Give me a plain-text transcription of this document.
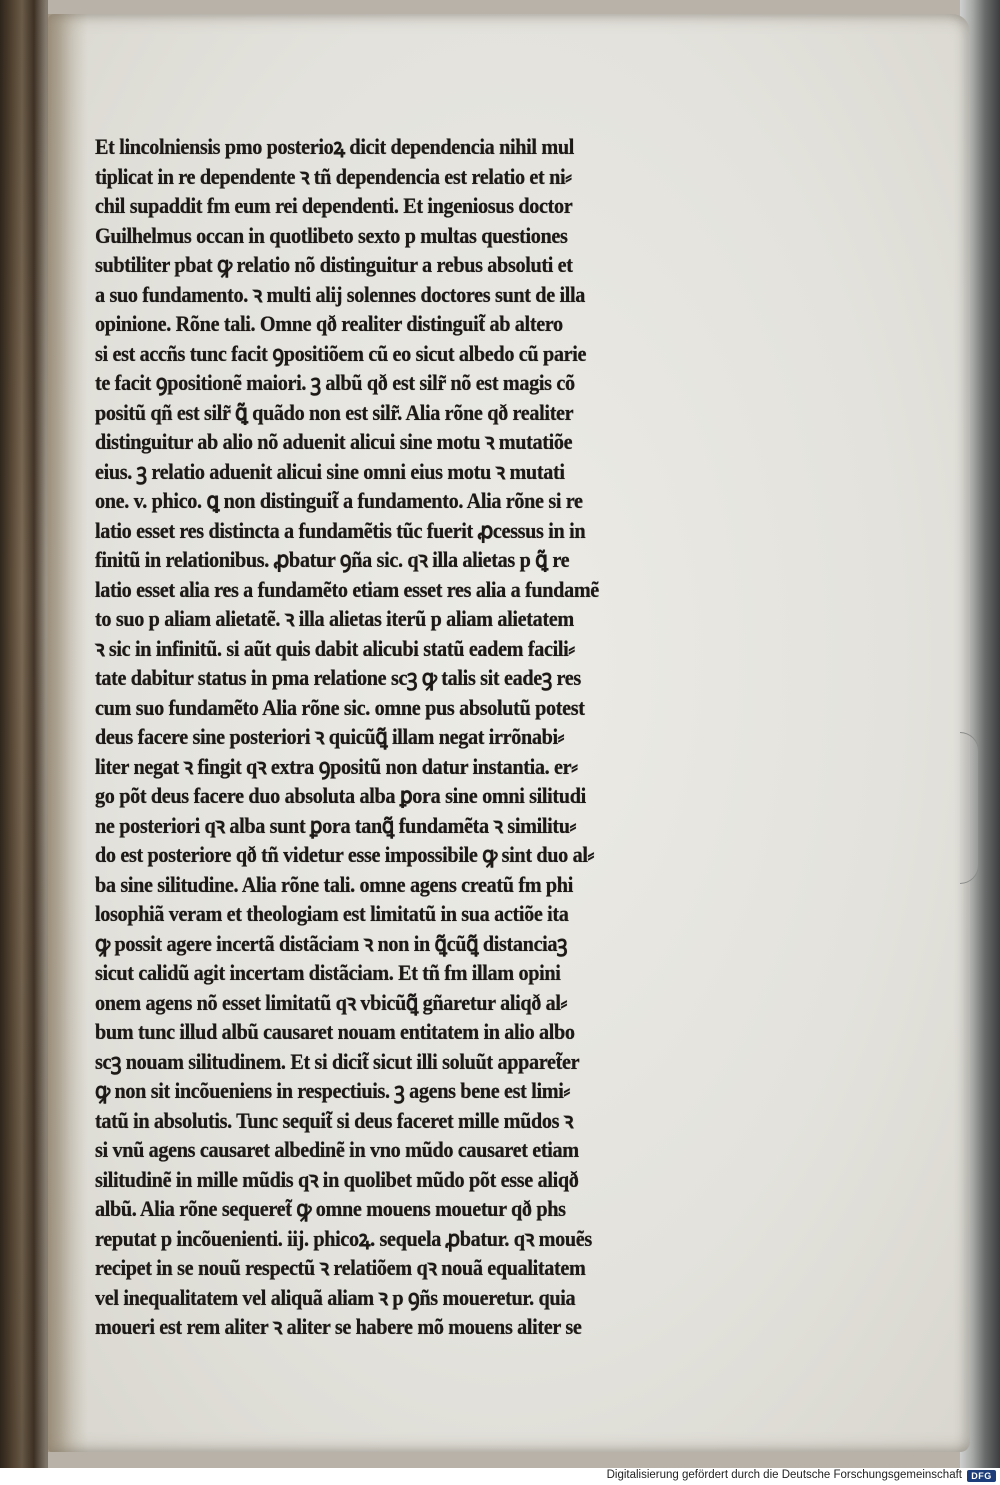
Et lincolniensis pmo posterioꝝ dicit dependencia nihil mul
tiplicat in re dependente ꝛ tñ dependencia est relatio et ni⸗
chil supaddit fm eum rei dependenti. Et ingeniosus doctor
Guilhelmus occan in quotlibeto sexto p multas questiones
subtiliter pbat ꝙ relatio nõ distinguitur a rebus absoluti et
a suo fundamento. ꝛ multi alij solennes doctores sunt de illa
opinione. Rõne tali. Omne qð realiter distinguit̃ ab altero
si est accñs tunc facit ꝯpositiõem cũ eo sicut albedo cũ parie
te facit ꝯpositionẽ maiori. ꝫ albũ qð est silr̃ nõ est magis cõ
positũ qñ est silr̃ ꝗ̃ quãdo non est silr̃. Alia rõne qð realiter
distinguitur ab alio nõ aduenit alicui sine motu ꝛ mutatiõe
eius. ꝫ relatio aduenit alicui sine omni eius motu ꝛ mutati
one. v. phico. ꝗ non distinguit̃ a fundamento. Alia rõne si re
latio esset res distincta a fundamẽtis tũc fuerit ꝓcessus in in
finitũ in relationibus. ꝓbatur ꝯña sic. qꝛ illa alietas p ꝗ̃ re
latio esset alia res a fundamẽto etiam esset res alia a fundamẽ
to suo p aliam alietatẽ. ꝛ illa alietas iterũ p aliam alietatem
ꝛ sic in infinitũ. si aũt quis dabit alicubi statũ eadem facili⸗
tate dabitur status in pma relatione scꝫ ꝙ talis sit eadeꝫ res
cum suo fundamẽto Alia rõne sic. omne pus absolutũ potest
deus facere sine posteriori ꝛ quicũꝗ̃ illam negat irrõnabi⸗
liter negat ꝛ fingit qꝛ extra ꝯpositũ non datur instantia. er⸗
go põt deus facere duo absoluta alba ꝑora sine omni silitudi
ne posteriori qꝛ alba sunt ꝑora tanꝗ̃ fundamẽta ꝛ similitu⸗
do est posteriore qð tñ videtur esse impossibile ꝙ sint duo al⸗
ba sine silitudine. Alia rõne tali. omne agens creatũ fm phi
losophiã veram et theologiam est limitatũ in sua actiõe ita
ꝙ possit agere incertã distãciam ꝛ non in ꝗ̃cũꝗ̃ distanciaꝫ
sicut calidũ agit incertam distãciam. Et tñ fm illam opini
onem agens nõ esset limitatũ qꝛ vbicũꝗ̃ gñaretur aliqð al⸗
bum tunc illud albũ causaret nouam entitatem in alio albo
scꝫ nouam silitudinem. Et si dicit̃ sicut illi soluũt apparet̃er
ꝙ non sit incõueniens in respectiuis. ꝫ agens bene est limi⸗
tatũ in absolutis. Tunc sequit̃ si deus faceret mille mũdos ꝛ
si vnũ agens causaret albedinẽ in vno mũdo causaret etiam
silitudinẽ in mille mũdis qꝛ in quolibet mũdo põt esse aliqð
albũ. Alia rõne sequeret̃ ꝙ omne mouens mouetur qð phs
reputat p incõuenienti. iij. phicoꝝ. sequela ꝓbatur. qꝛ mouẽs
recipet in se nouũ respectũ ꝛ relatiõem qꝛ nouã equalitatem
vel inequalitatem vel aliquã aliam ꝛ p ꝯñs moueretur. quia
moueri est rem aliter ꝛ aliter se habere mõ mouens aliter se
Digitalisierung gefördert durch die Deutsche Forschungsgemeinschaft	DFG
